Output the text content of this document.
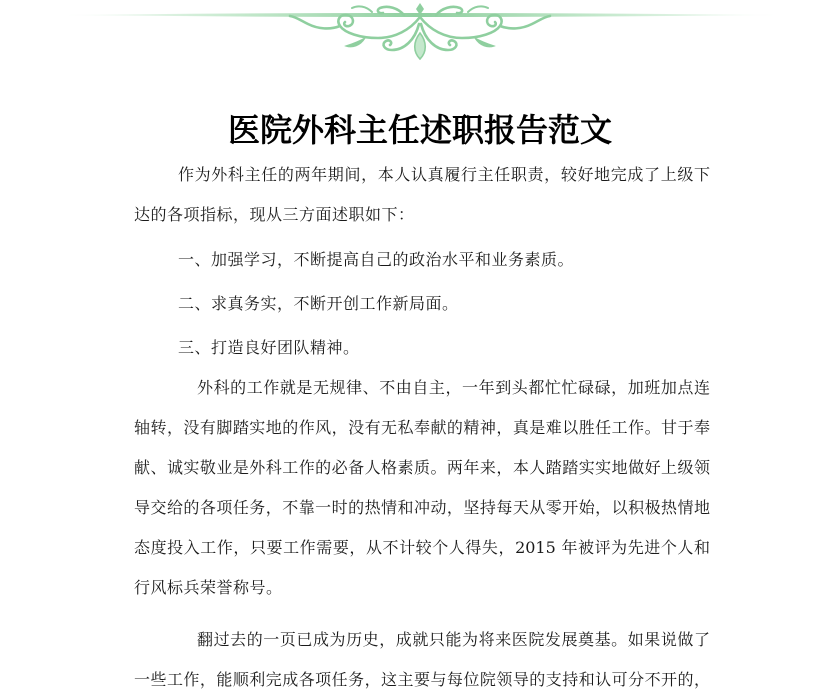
医院外科主任述职报告范文
作为外科主任的两年期间，本人认真履行主任职责，较好地完成了上级下
达的各项指标，现从三方面述职如下：
一、加强学习，不断提高自己的政治水平和业务素质。
二、求真务实，不断开创工作新局面。
三、打造良好团队精神。
外科的工作就是无规律、不由自主，一年到头都忙忙碌碌，加班加点连
轴转，没有脚踏实地的作风，没有无私奉献的精神，真是难以胜任工作。甘于奉
献、诚实敬业是外科工作的必备人格素质。两年来，本人踏踏实实地做好上级领
导交给的各项任务，不靠一时的热情和冲动，坚持每天从零开始，以积极热情地
态度投入工作，只要工作需要，从不计较个人得失，2015 年被评为先进个人和
行风标兵荣誉称号。
翻过去的一页已成为历史，成就只能为将来医院发展奠基。如果说做了
一些工作，能顺利完成各项任务，这主要与每位院领导的支持和认可分不开的，
